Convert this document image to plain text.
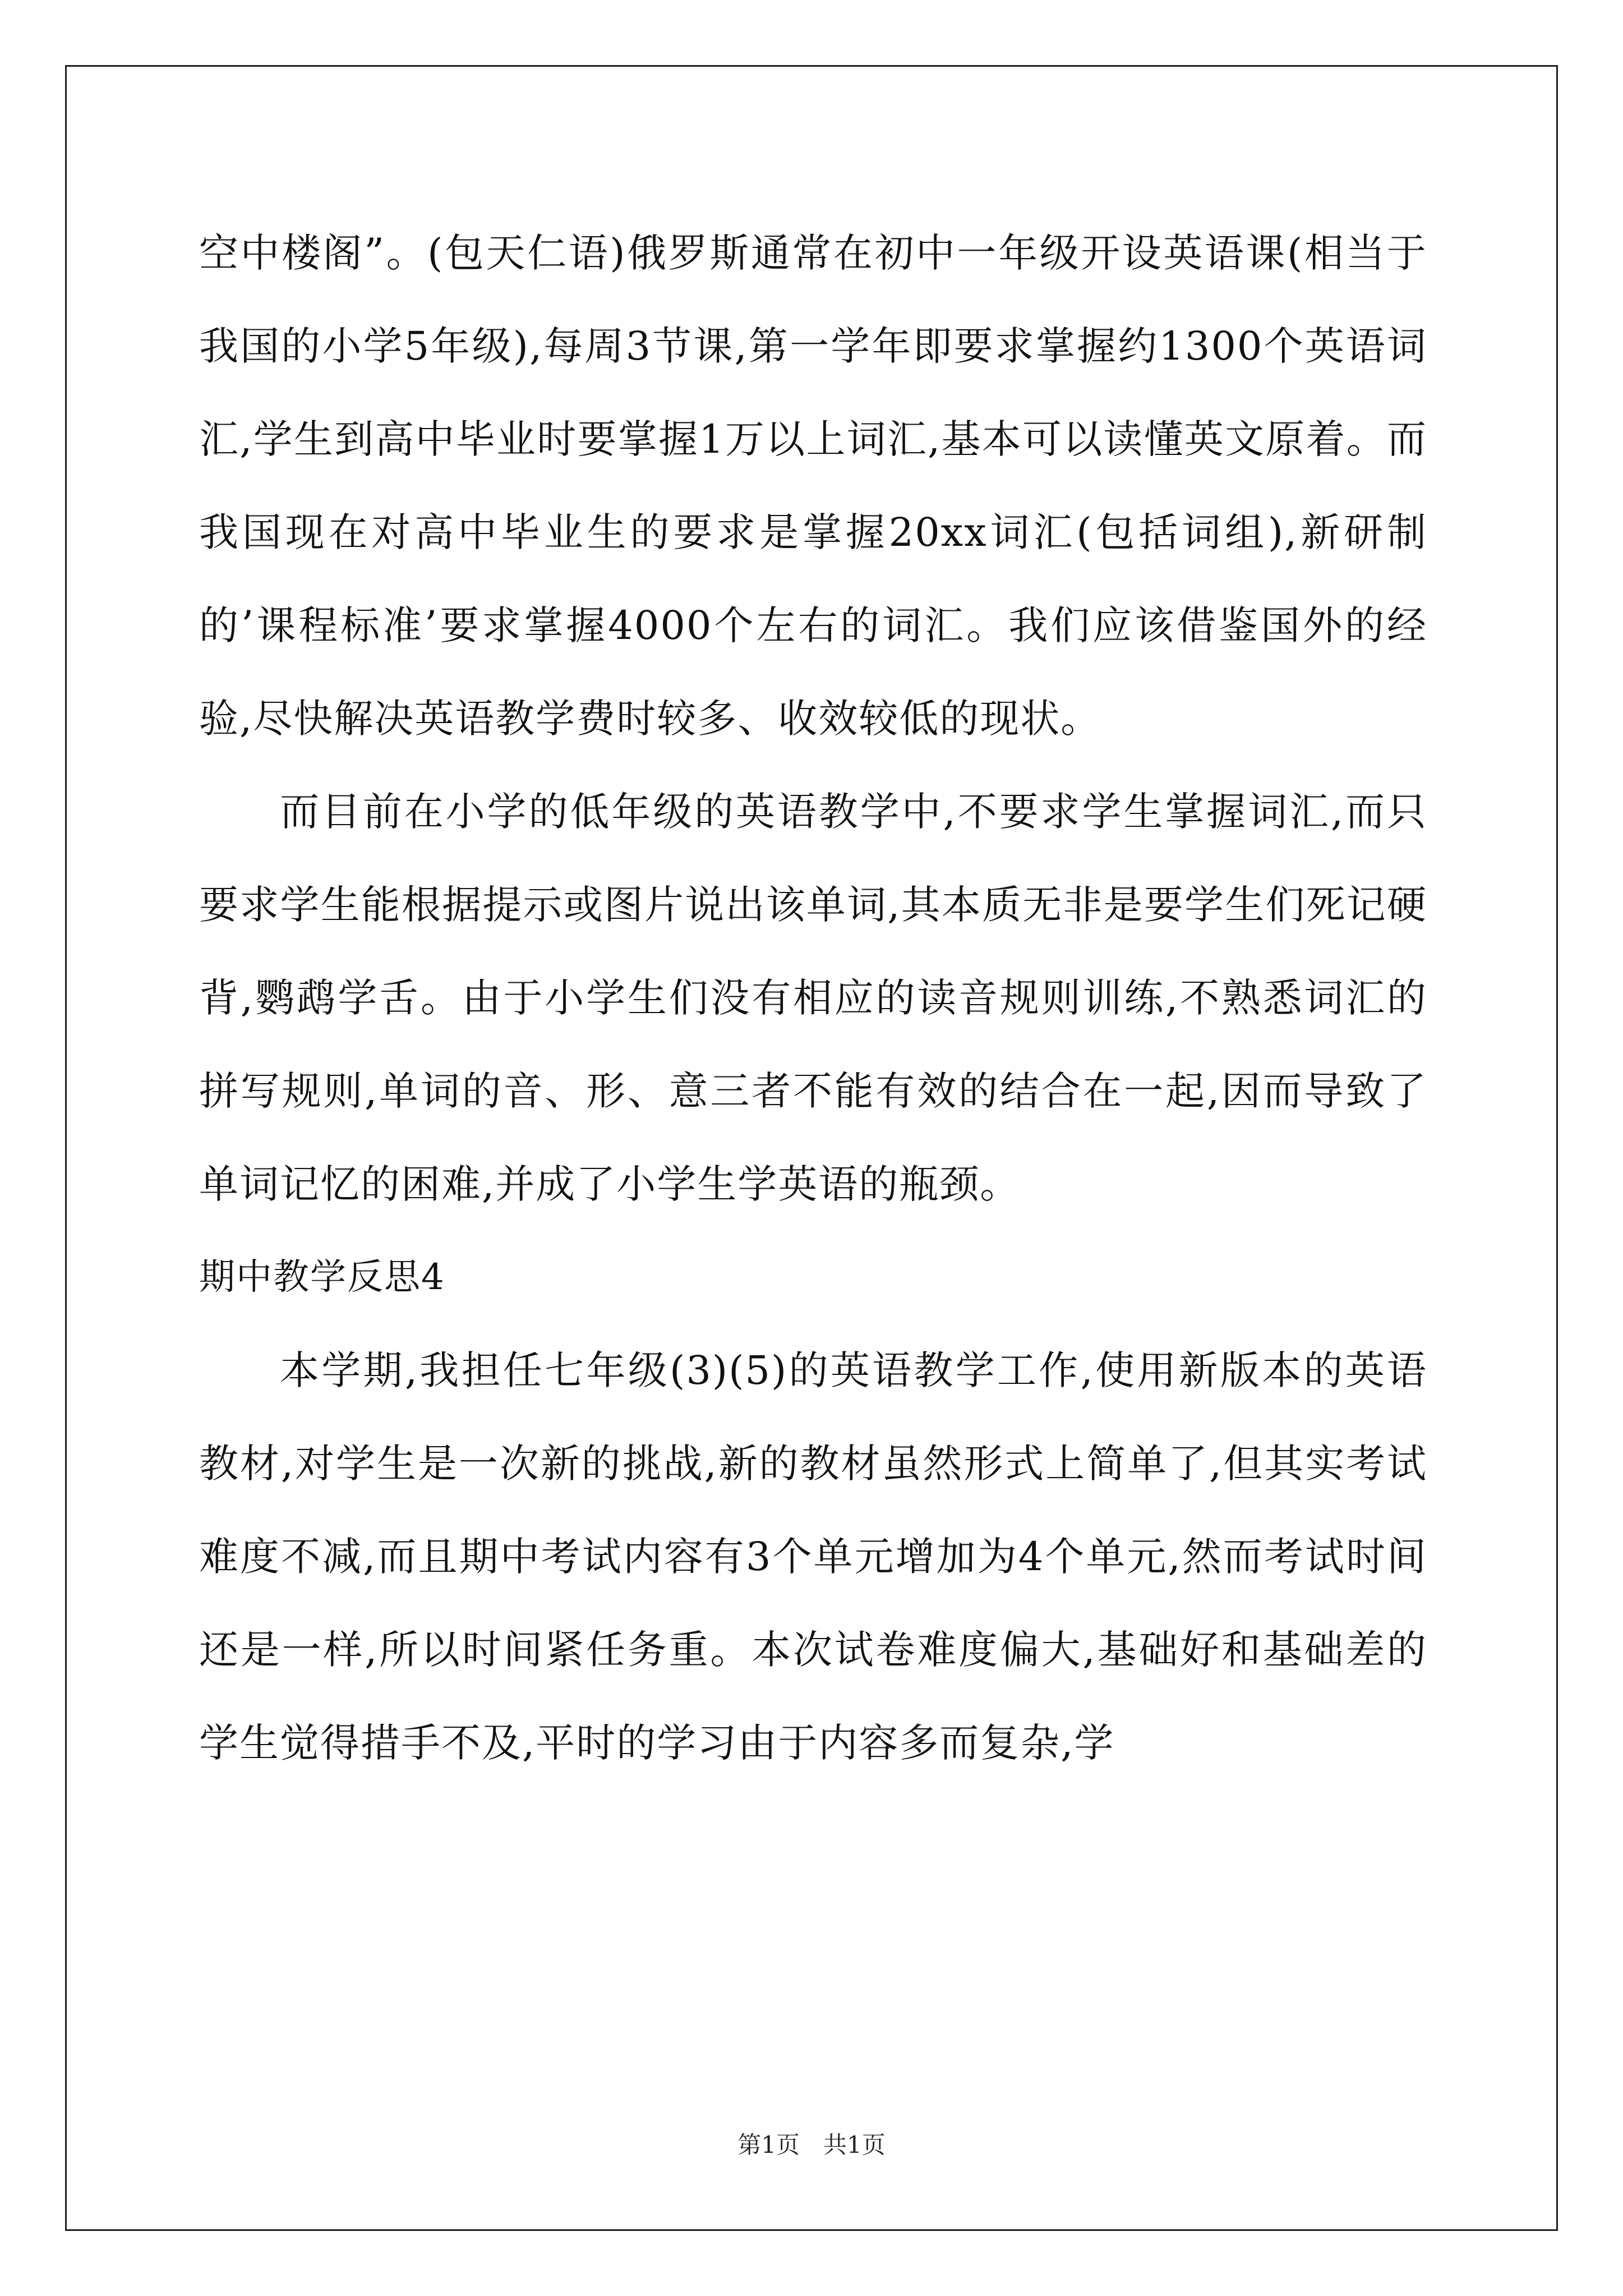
空中楼阁”。(包天仁语)俄罗斯通常在初中一年级开设英语课(相当于我国的小学5年级),每周3节课,第一学年即要求掌握约1300个英语词汇,学生到高中毕业时要掌握1万以上词汇,基本可以读懂英文原着。而我国现在对高中毕业生的要求是掌握20xx词汇(包括词组),新研制的’课程标准’要求掌握4000个左右的词汇。我们应该借鉴国外的经验,尽快解决英语教学费时较多、收效较低的现状。

而目前在小学的低年级的英语教学中,不要求学生掌握词汇,而只要求学生能根据提示或图片说出该单词,其本质无非是要学生们死记硬背,鹦鹉学舌。由于小学生们没有相应的读音规则训练,不熟悉词汇的拼写规则,单词的音、形、意三者不能有效的结合在一起,因而导致了单词记忆的困难,并成了小学生学英语的瓶颈。

期中教学反思4

本学期,我担任七年级(3)(5)的英语教学工作,使用新版本的英语教材,对学生是一次新的挑战,新的教材虽然形式上简单了,但其实考试难度不减,而且期中考试内容有3个单元增加为4个单元,然而考试时间还是一样,所以时间紧任务重。本次试卷难度偏大,基础好和基础差的学生觉得措手不及,平时的学习由于内容多而复杂,学

第1页　共1页
